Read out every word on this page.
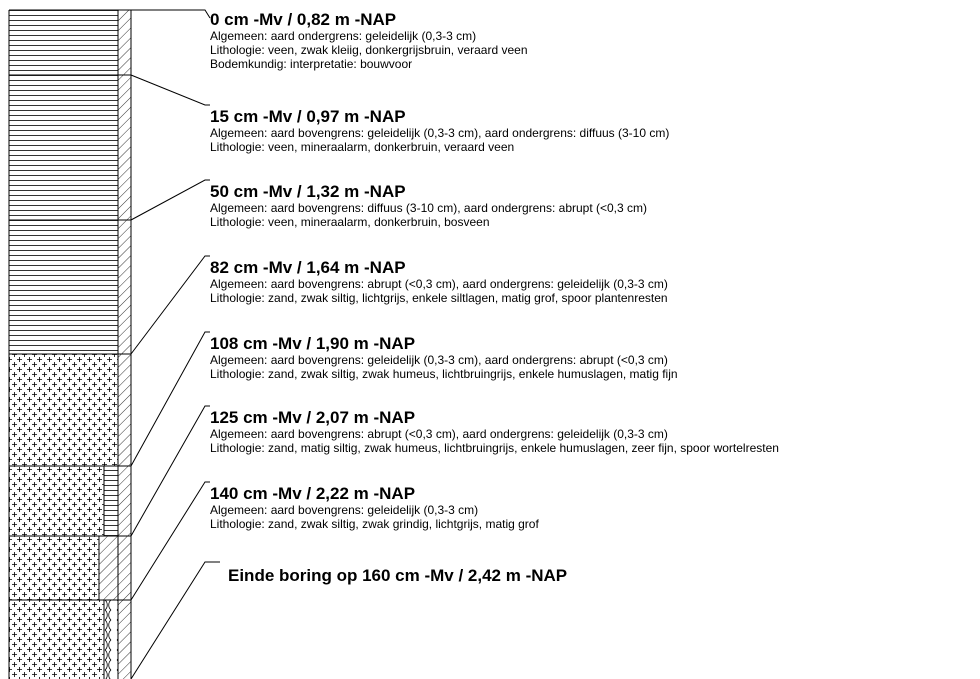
0 cm -Mv / 0,82 m -NAP

Algemeen: aard ondergrens: geleidelijk (0,3-3 cm)

Lithologie: veen, zwak kleiig, donkergrijsbruin, veraard veen

Bodemkundig: interpretatie: bouwvoor

15 cm -Mv / 0,97 m -NAP

Algemeen: aard bovengrens: geleidelijk (0,3-3 cm), aard ondergrens: diffuus (3-10 cm)

Lithologie: veen, mineraalarm, donkerbruin, veraard veen

50 cm -Mv / 1,32 m -NAP

Algemeen: aard bovengrens: diffuus (3-10 cm), aard ondergrens: abrupt (<0,3 cm)

Lithologie: veen, mineraalarm, donkerbruin, bosveen

82 cm -Mv / 1,64 m -NAP

Algemeen: aard bovengrens: abrupt (<0,3 cm), aard ondergrens: geleidelijk (0,3-3 cm)

Lithologie: zand, zwak siltig, lichtgrijs, enkele siltlagen, matig grof, spoor plantenresten

108 cm -Mv / 1,90 m -NAP

Algemeen: aard bovengrens: geleidelijk (0,3-3 cm), aard ondergrens: abrupt (<0,3 cm)

Lithologie: zand, zwak siltig, zwak humeus, lichtbruingrijs, enkele humuslagen, matig fijn

125 cm -Mv / 2,07 m -NAP

Algemeen: aard bovengrens: abrupt (<0,3 cm), aard ondergrens: geleidelijk (0,3-3 cm)

Lithologie: zand, matig siltig, zwak humeus, lichtbruingrijs, enkele humuslagen, zeer fijn, spoor wortelresten

140 cm -Mv / 2,22 m -NAP

Algemeen: aard bovengrens: geleidelijk (0,3-3 cm)

Lithologie: zand, zwak siltig, zwak grindig, lichtgrijs, matig grof

Einde boring op 160 cm -Mv / 2,42 m -NAP
